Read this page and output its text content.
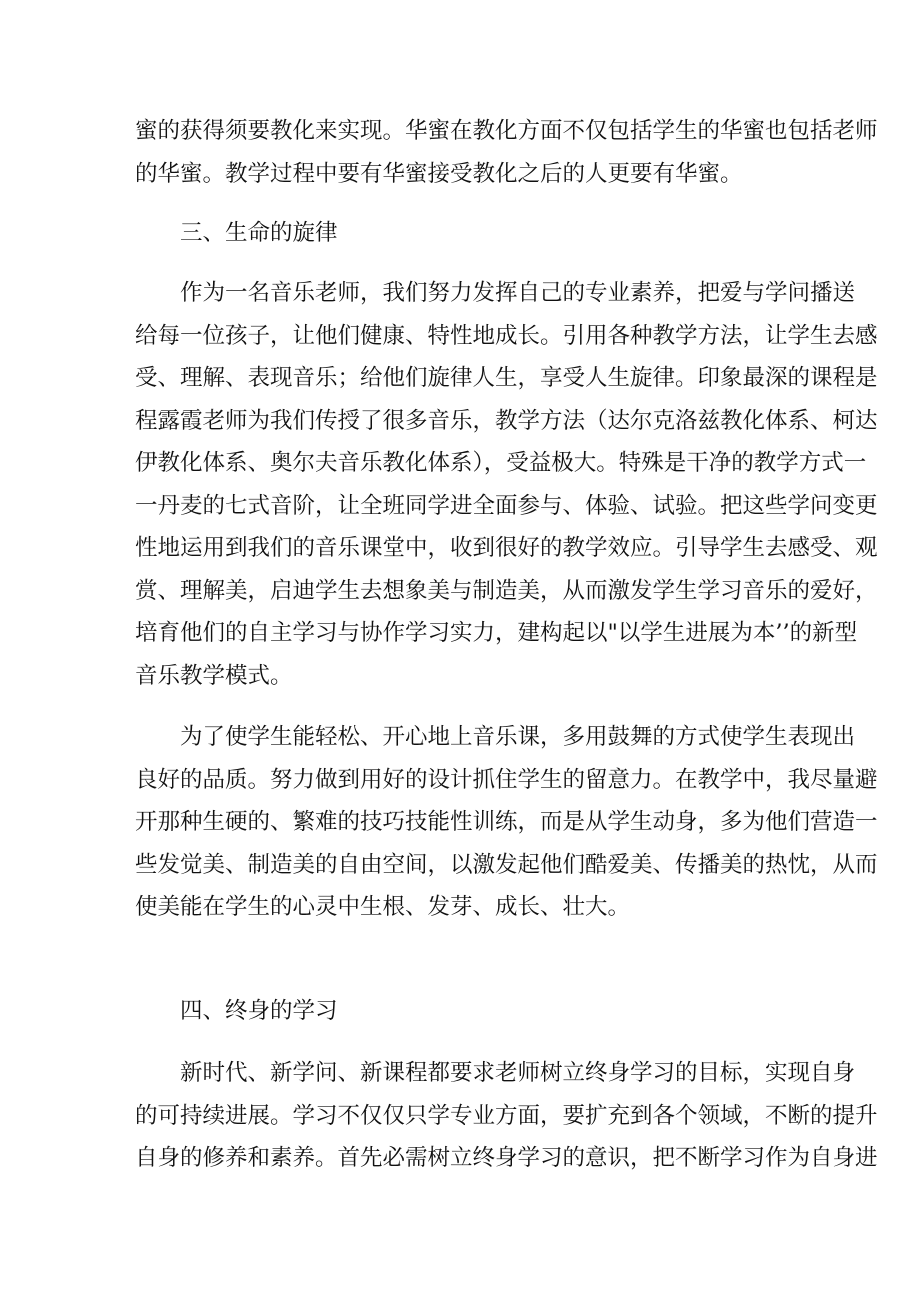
蜜的获得须要教化来实现。华蜜在教化方面不仅包括学生的华蜜也包括老师
的华蜜。教学过程中要有华蜜接受教化之后的人更要有华蜜。
三、生命的旋律
作为一名音乐老师，我们努力发挥自己的专业素养，把爱与学问播送
给每一位孩子，让他们健康、特性地成长。引用各种教学方法，让学生去感
受、理解、表现音乐；给他们旋律人生，享受人生旋律。印象最深的课程是
程露霞老师为我们传授了很多音乐，教学方法（达尔克洛兹教化体系、柯达
伊教化体系、奥尔夫音乐教化体系），受益极大。特殊是干净的教学方式一
一丹麦的七式音阶，让全班同学进全面参与、体验、试验。把这些学问变更
性地运用到我们的音乐课堂中，收到很好的教学效应。引导学生去感受、观
赏、理解美，启迪学生去想象美与制造美，从而激发学生学习音乐的爱好，
培育他们的自主学习与协作学习实力，建构起以"以学生进展为本’’的新型
音乐教学模式。
为了使学生能轻松、开心地上音乐课，多用鼓舞的方式使学生表现出
良好的品质。努力做到用好的设计抓住学生的留意力。在教学中，我尽量避
开那种生硬的、繁难的技巧技能性训练，而是从学生动身，多为他们营造一
些发觉美、制造美的自由空间，以激发起他们酷爱美、传播美的热忱，从而
使美能在学生的心灵中生根、发芽、成长、壮大。
四、终身的学习
新时代、新学问、新课程都要求老师树立终身学习的目标，实现自身
的可持续进展。学习不仅仅只学专业方面，要扩充到各个领域，不断的提升
自身的修养和素养。首先必需树立终身学习的意识，把不断学习作为自身进
